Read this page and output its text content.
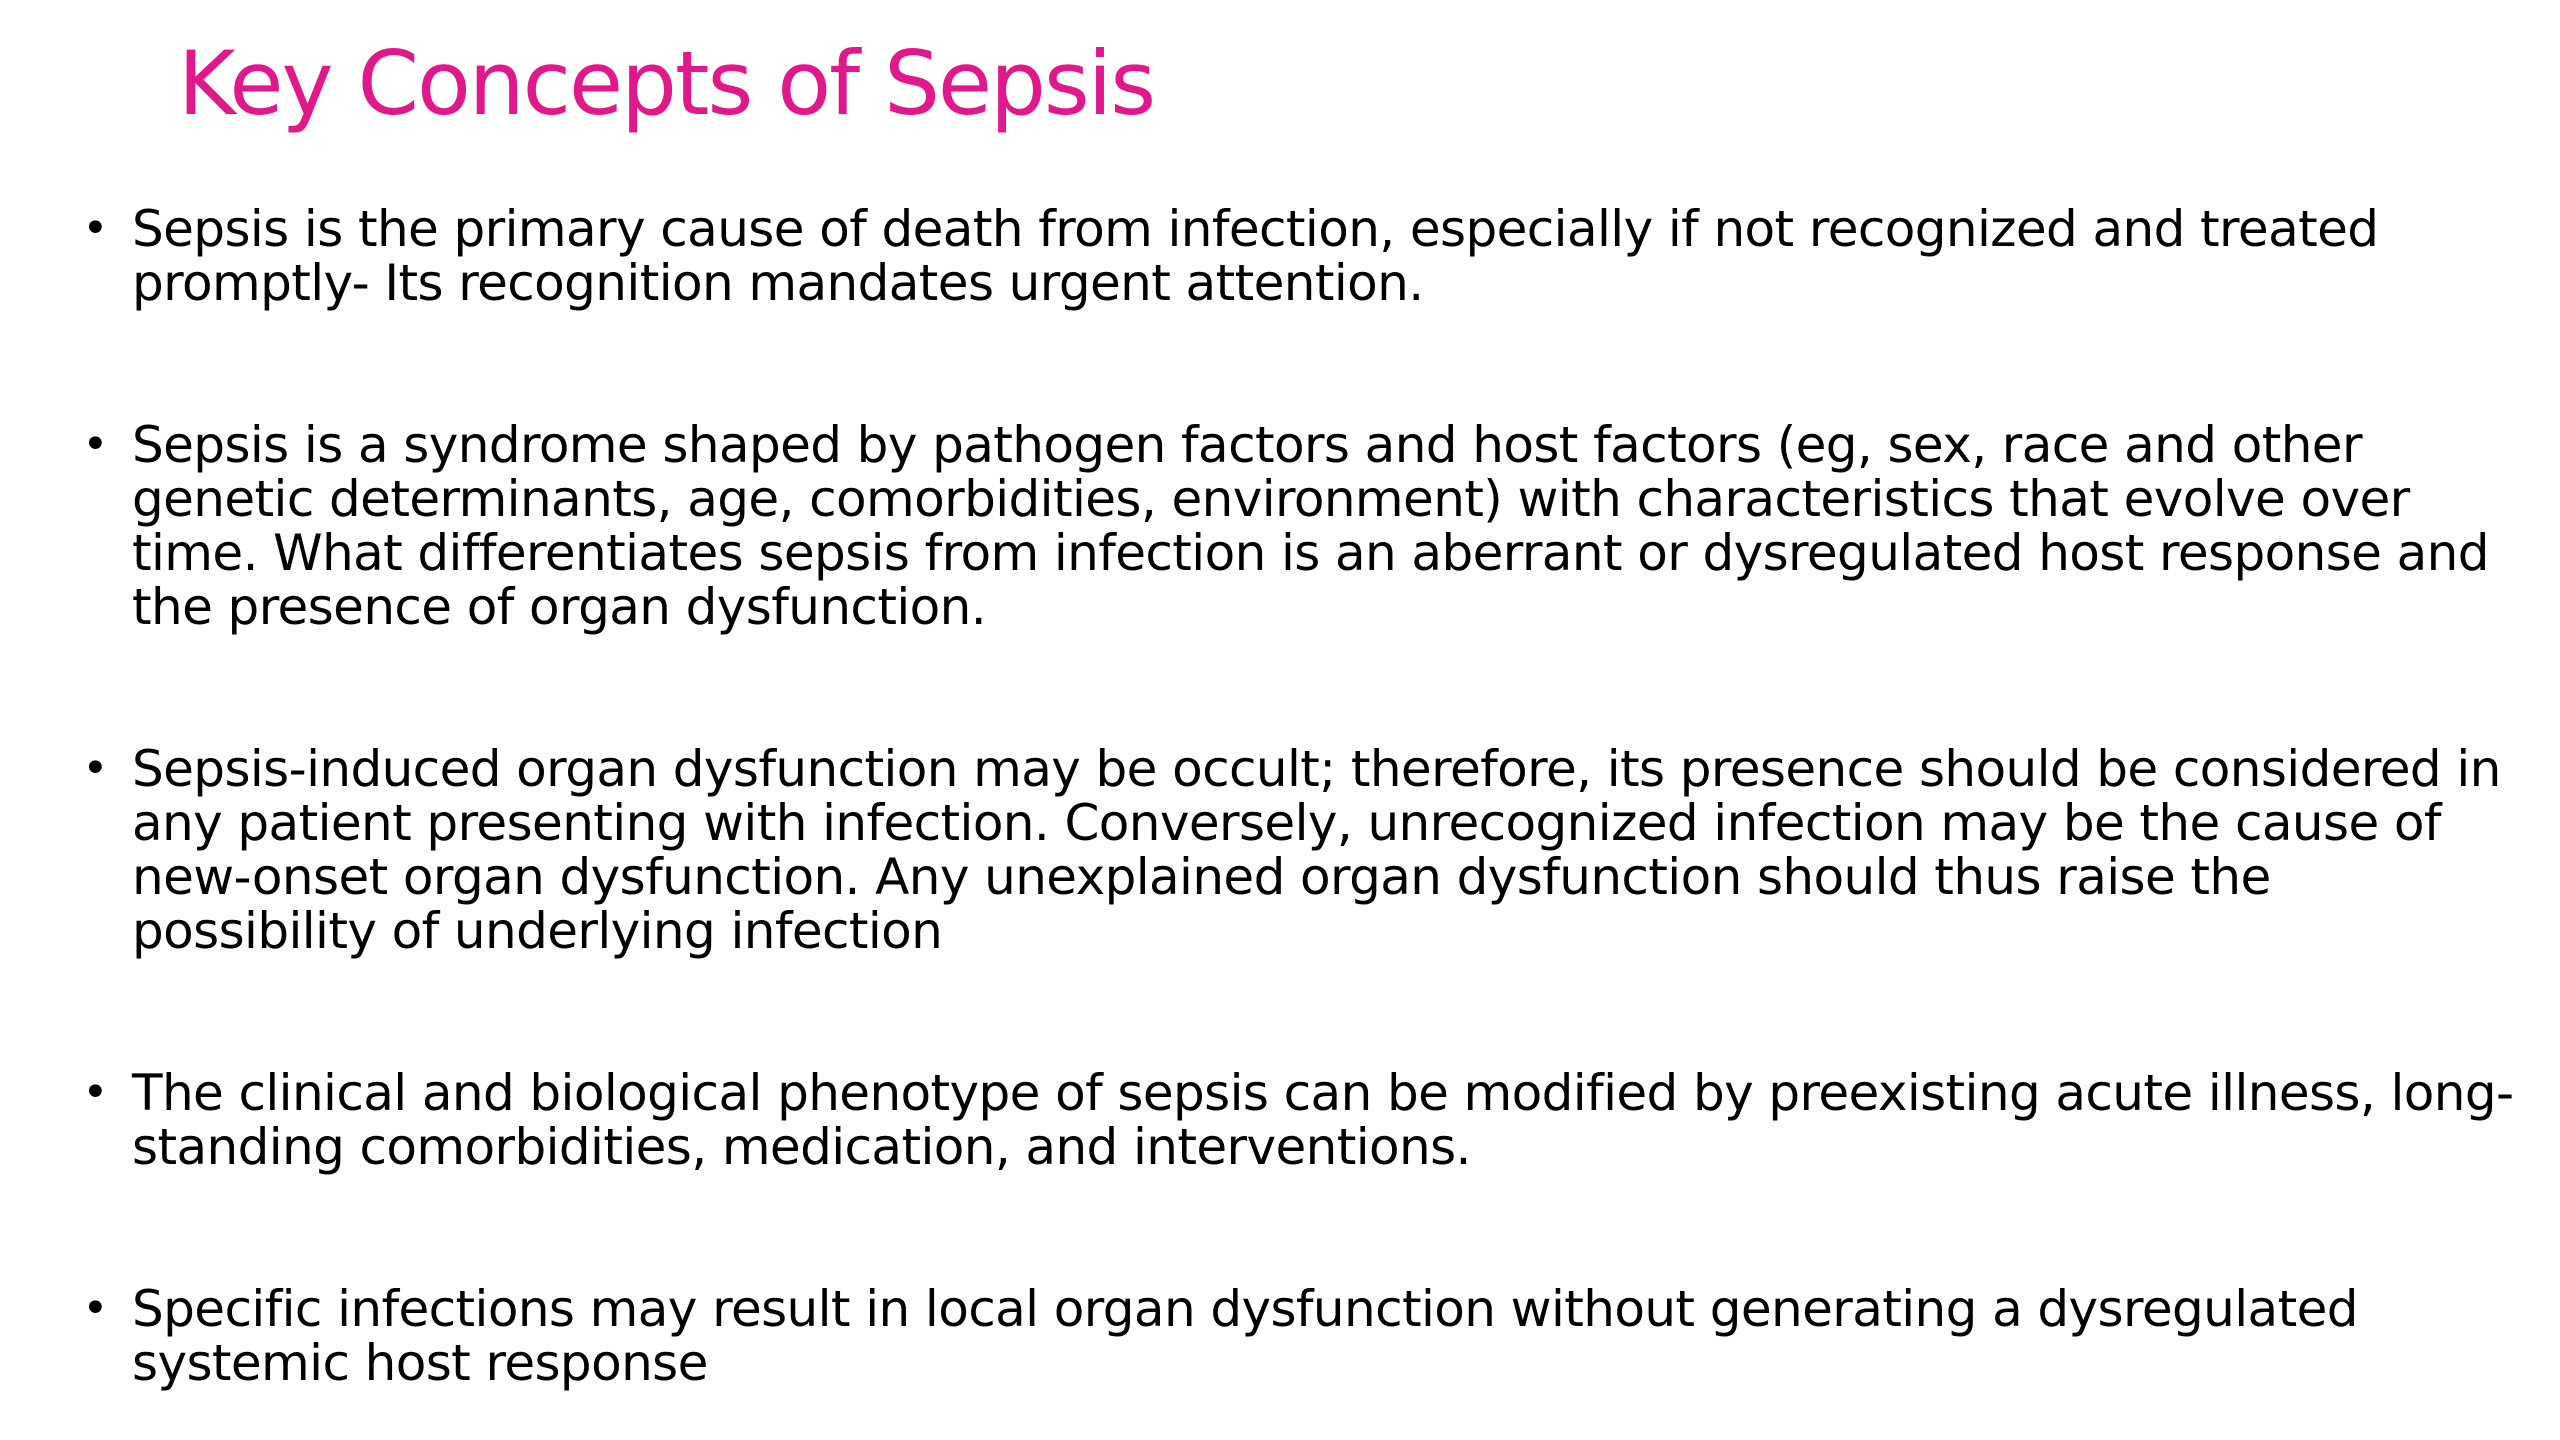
Key Concepts of Sepsis
• Sepsis is the primary cause of death from infection, especially if not recognized and treated promptly- Its recognition mandates urgent attention.
• Sepsis is a syndrome shaped by pathogen factors and host factors (eg, sex, race and other genetic determinants, age, comorbidities, environment) with characteristics that evolve over time. What differentiates sepsis from infection is an aberrant or dysregulated host response and the presence of organ dysfunction.
• Sepsis-induced organ dysfunction may be occult; therefore, its presence should be considered in any patient presenting with infection. Conversely, unrecognized infection may be the cause of new-onset organ dysfunction. Any unexplained organ dysfunction should thus raise the possibility of underlying infection
• The clinical and biological phenotype of sepsis can be modified by preexisting acute illness, long-standing comorbidities, medication, and interventions.
• Specific infections may result in local organ dysfunction without generating a dysregulated systemic host response
